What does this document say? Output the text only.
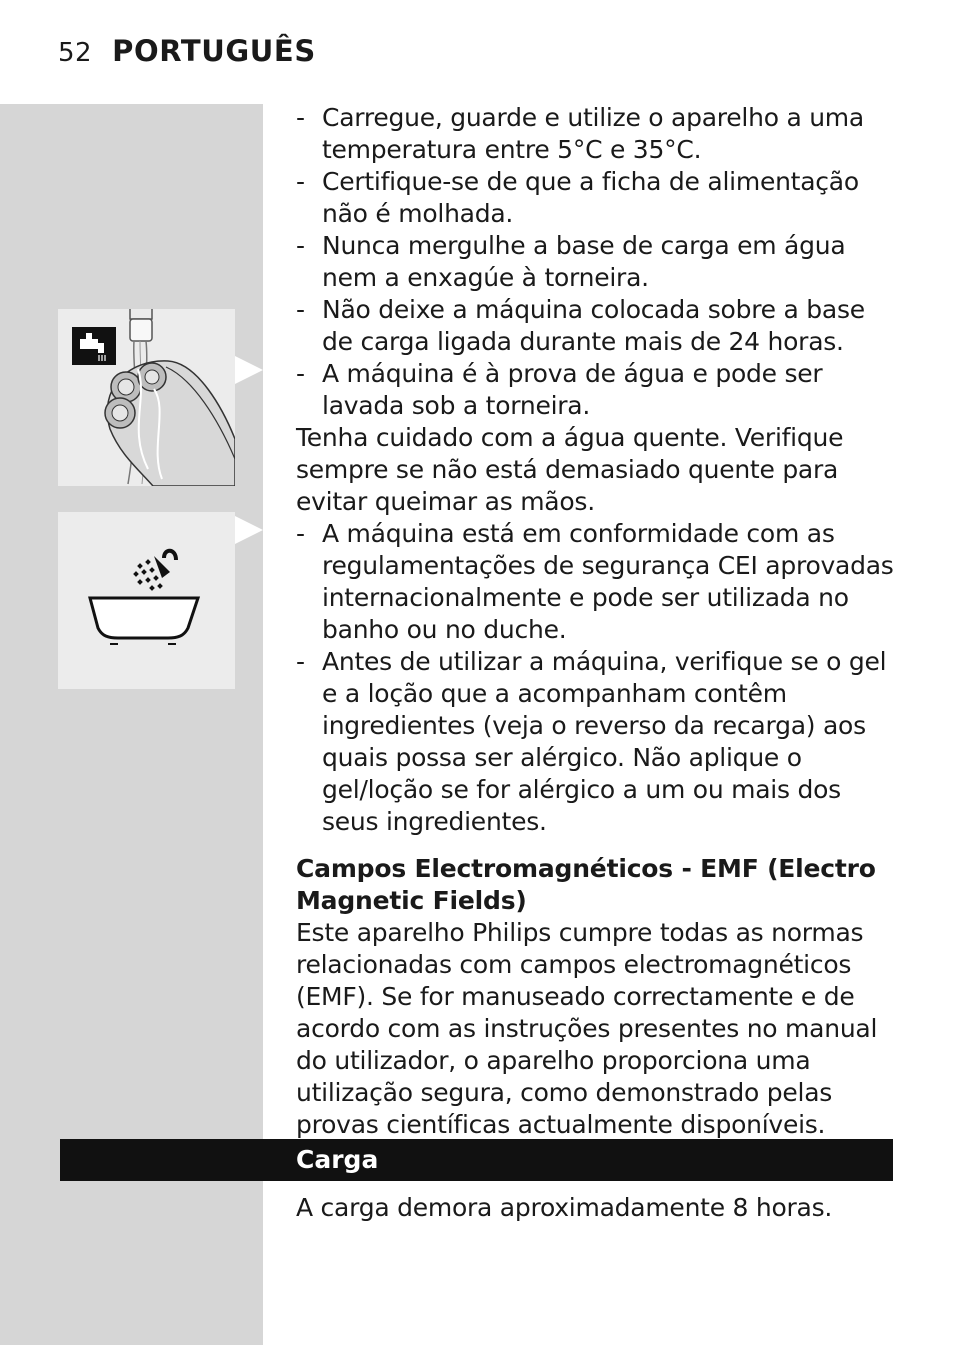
52 PORTUGUÊS
- Carregue, guarde e utilize o aparelho a uma temperatura entre 5°C e 35°C.
- Certifique-se de que a ficha de alimentação não é molhada.
- Nunca mergulhe a base de carga em água nem a enxagúe à torneira.
- Não deixe a máquina colocada sobre a base de carga ligada durante mais de 24 horas.
- A máquina é à prova de água e pode ser lavada sob a torneira.
Tenha cuidado com a água quente. Verifique sempre se não está demasiado quente para evitar queimar as mãos.
- A máquina está em conformidade com as regulamentações de segurança CEI aprovadas internacionalmente e pode ser utilizada no banho ou no duche.
- Antes de utilizar a máquina, verifique se o gel e a loção que a acompanham contêm ingredientes (veja o reverso da recarga) aos quais possa ser alérgico. Não aplique o gel/loção se for alérgico a um ou mais dos seus ingredientes.
Campos Electromagnéticos - EMF (Electro Magnetic Fields)
Este aparelho Philips cumpre todas as normas relacionadas com campos electromagnéticos (EMF). Se for manuseado correctamente e de acordo com as instruções presentes no manual do utilizador, o aparelho proporciona uma utilização segura, como demonstrado pelas provas científicas actualmente disponíveis.
Carga
A carga demora aproximadamente 8 horas.
